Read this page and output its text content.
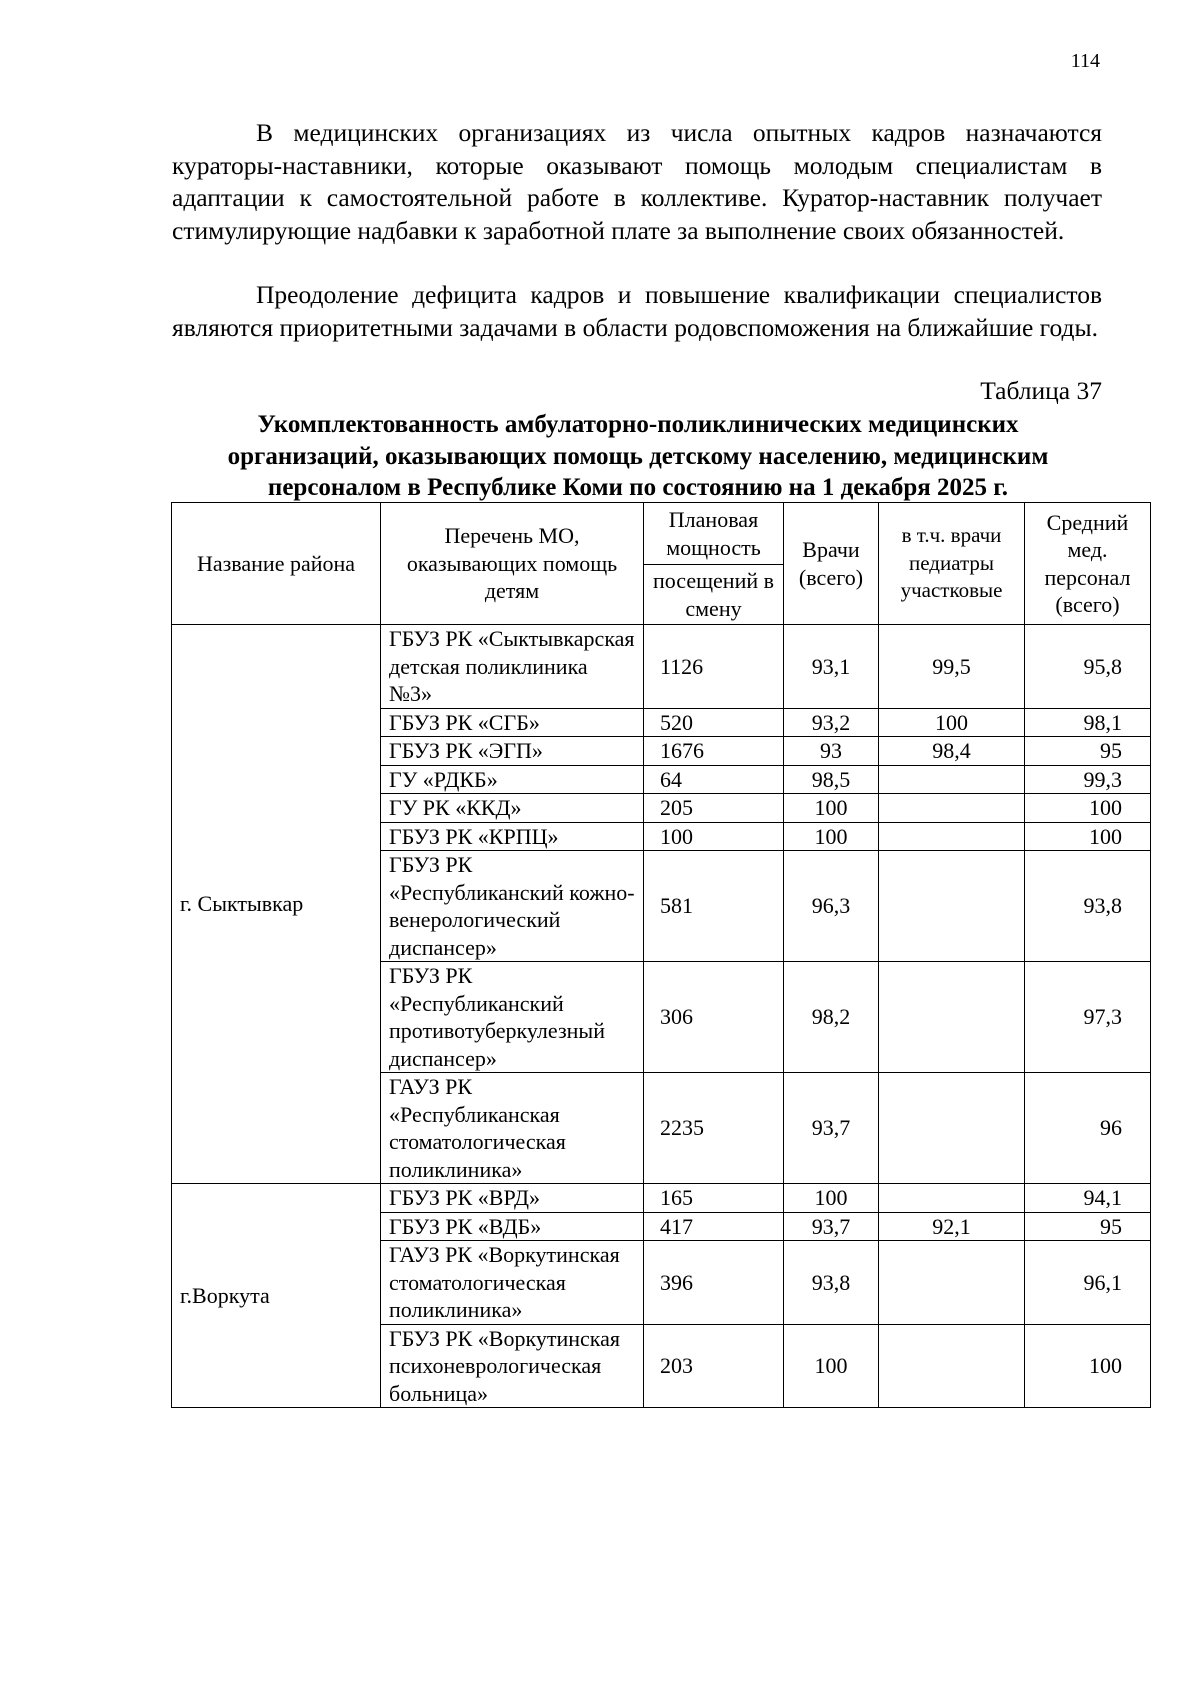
114

В медицинских организациях из числа опытных кадров назначаются кураторы-наставники, которые оказывают помощь молодым специалистам в адаптации к самостоятельной работе в коллективе. Куратор-наставник получает стимулирующие надбавки к заработной плате за выполнение своих обязанностей.

Преодоление дефицита кадров и повышение квалификации специалистов являются приоритетными задачами в области родовспоможения на ближайшие годы.

Таблица 37
Укомплектованность амбулаторно-поликлинических медицинских
организаций, оказывающих помощь детскому населению, медицинским
персоналом в Республике Коми по состоянию на 1 декабря 2025 г.
Название района	Перечень МО, оказывающих помощь детям	Плановая мощность	Врачи (всего)	в т.ч. врачи педиатры участковые	Средний мед. персонал (всего)
		посещений в смену			
г. Сыктывкар	ГБУЗ РК «Сыктывкарская детская поликлиника №3»	1126	93,1	99,5	95,8
	ГБУЗ РК «СГБ»	520	93,2	100	98,1
	ГБУЗ РК «ЭГП»	1676	93	98,4	95
	ГУ «РДКБ»	64	98,5		99,3
	ГУ РК «ККД»	205	100		100
	ГБУЗ РК «КРПЦ»	100	100		100
	ГБУЗ РК «Республиканский кожно-венерологический диспансер»	581	96,3		93,8
	ГБУЗ РК «Республиканский противотуберкулезный диспансер»	306	98,2		97,3
	ГАУЗ РК «Республиканская стоматологическая поликлиника»	2235	93,7		96
г.Воркута	ГБУЗ РК «ВРД»	165	100		94,1
	ГБУЗ РК «ВДБ»	417	93,7	92,1	95
	ГАУЗ РК «Воркутинская стоматологическая поликлиника»	396	93,8		96,1
	ГБУЗ РК «Воркутинская психоневрологическая больница»	203	100		100
